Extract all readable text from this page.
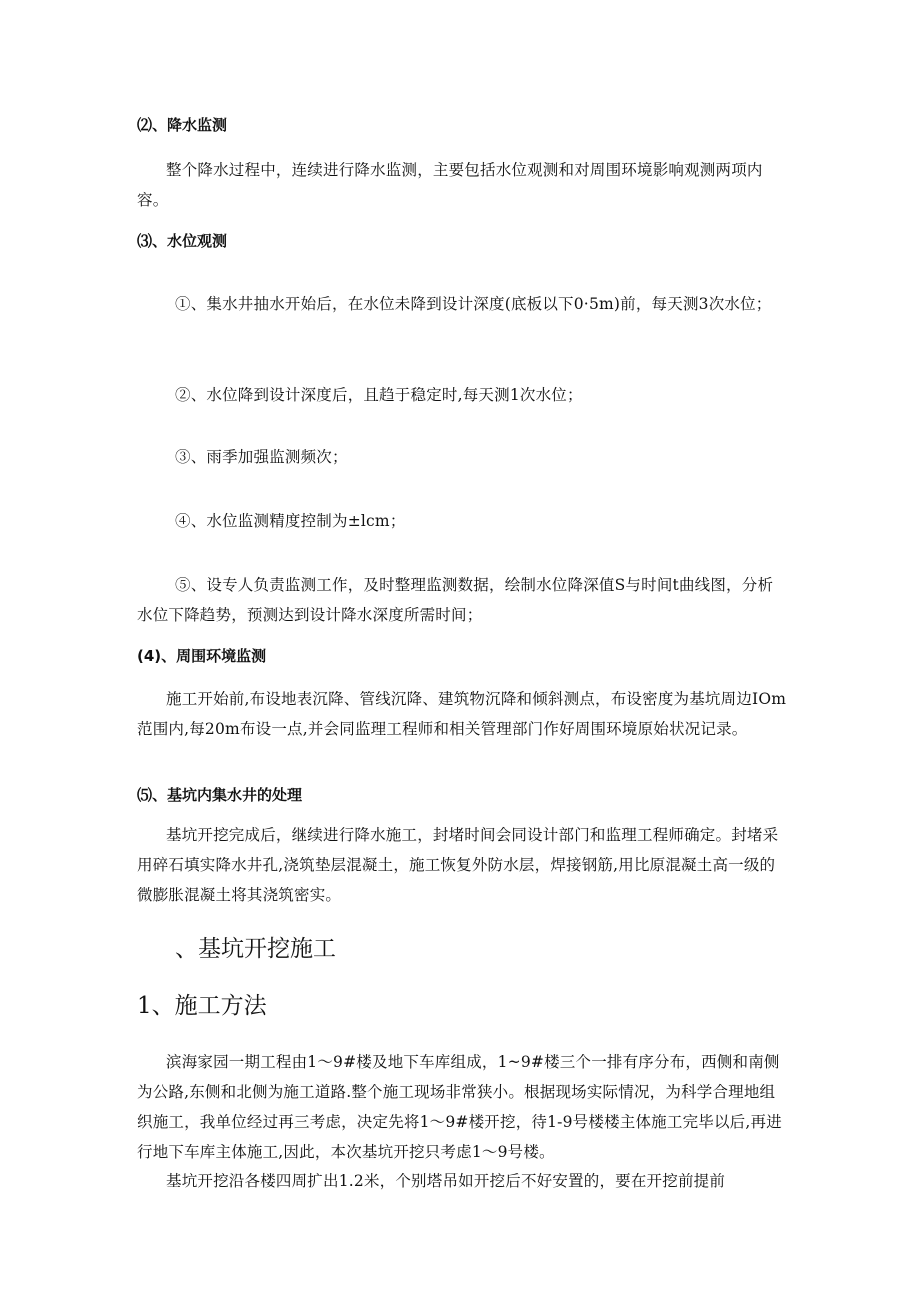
⑵、降水监测

整个降水过程中，连续进行降水监测，主要包括水位观测和对周围环境影响观测两项内容。

⑶、水位观测

①、集水井抽水开始后，在水位未降到设计深度(底板以下0·5m)前，每天测3次水位；

②、水位降到设计深度后，且趋于稳定时,每天测1次水位；

③、雨季加强监测频次；

④、水位监测精度控制为±lcm；

⑤、设专人负责监测工作，及时整理监测数据，绘制水位降深值S与时间t曲线图，分析水位下降趋势，预测达到设计降水深度所需时间；

(4)、周围环境监测

施工开始前,布设地表沉降、管线沉降、建筑物沉降和倾斜测点，布设密度为基坑周边IOm范围内,每20m布设一点,并会同监理工程师和相关管理部门作好周围环境原始状况记录。

⑸、基坑内集水井的处理

基坑开挖完成后，继续进行降水施工，封堵时间会同设计部门和监理工程师确定。封堵采用碎石填实降水井孔,浇筑垫层混凝土，施工恢复外防水层，焊接钢筋,用比原混凝土高一级的微膨胀混凝土将其浇筑密实。

、基坑开挖施工
1、施工方法

滨海家园一期工程由1～9#楼及地下车库组成，1~9#楼三个一排有序分布，西侧和南侧为公路,东侧和北侧为施工道路.整个施工现场非常狭小。根据现场实际情况，为科学合理地组织施工，我单位经过再三考虑，决定先将1～9#楼开挖，待1-9号楼楼主体施工完毕以后,再进行地下车库主体施工,因此，本次基坑开挖只考虑1～9号楼。

基坑开挖沿各楼四周扩出1.2米，个别塔吊如开挖后不好安置的，要在开挖前提前
